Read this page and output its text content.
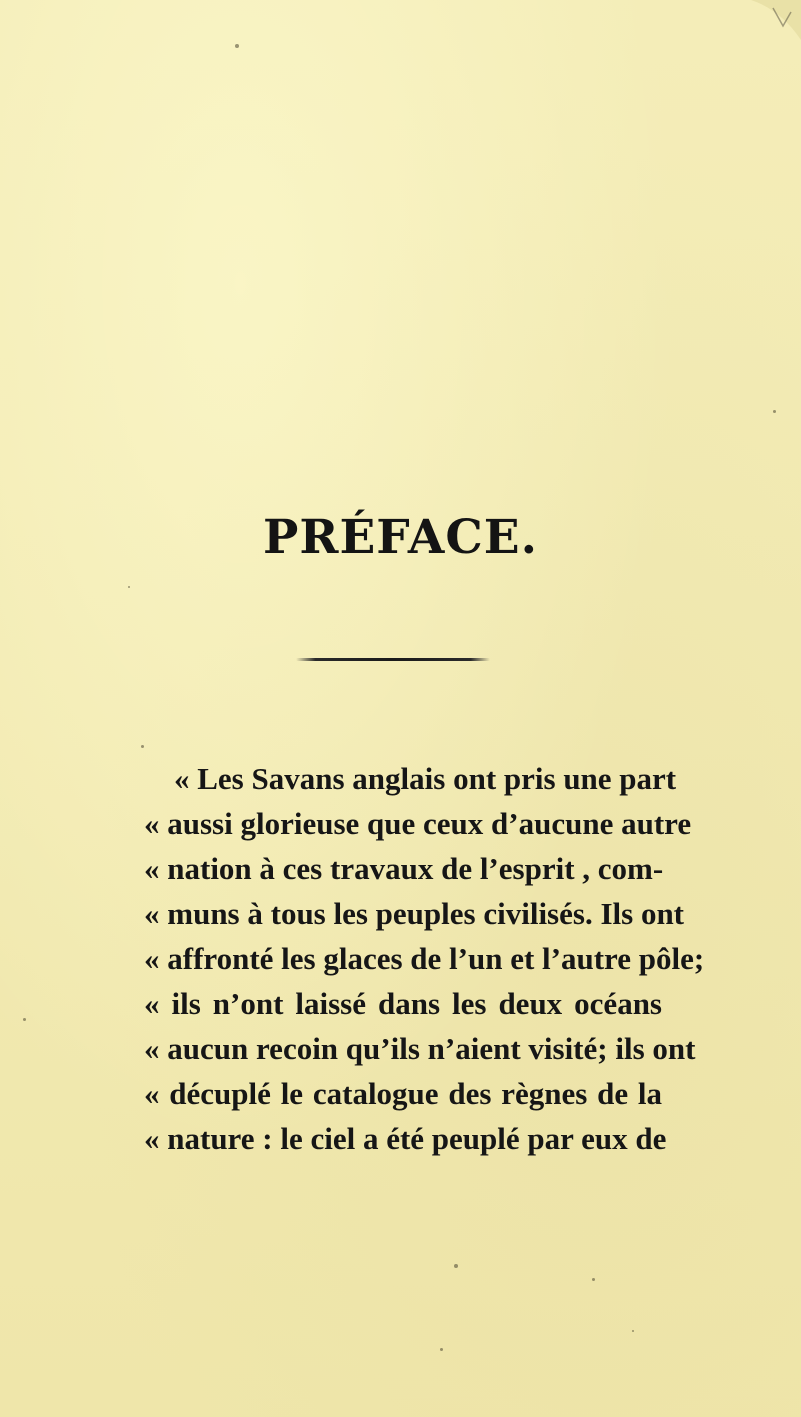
PRÉFACE.
« Les Savans anglais ont pris une part
« aussi glorieuse que ceux d’aucune autre
« nation à ces travaux de l’esprit , com-
« muns à tous les peuples civilisés. Ils ont
« affronté les glaces de l’un et l’autre pôle;
« ils n’ont laissé dans les deux océans
« aucun recoin qu’ils n’aient visité; ils ont
« décuplé le catalogue des règnes de la
« nature : le ciel a été peuplé par eux de
